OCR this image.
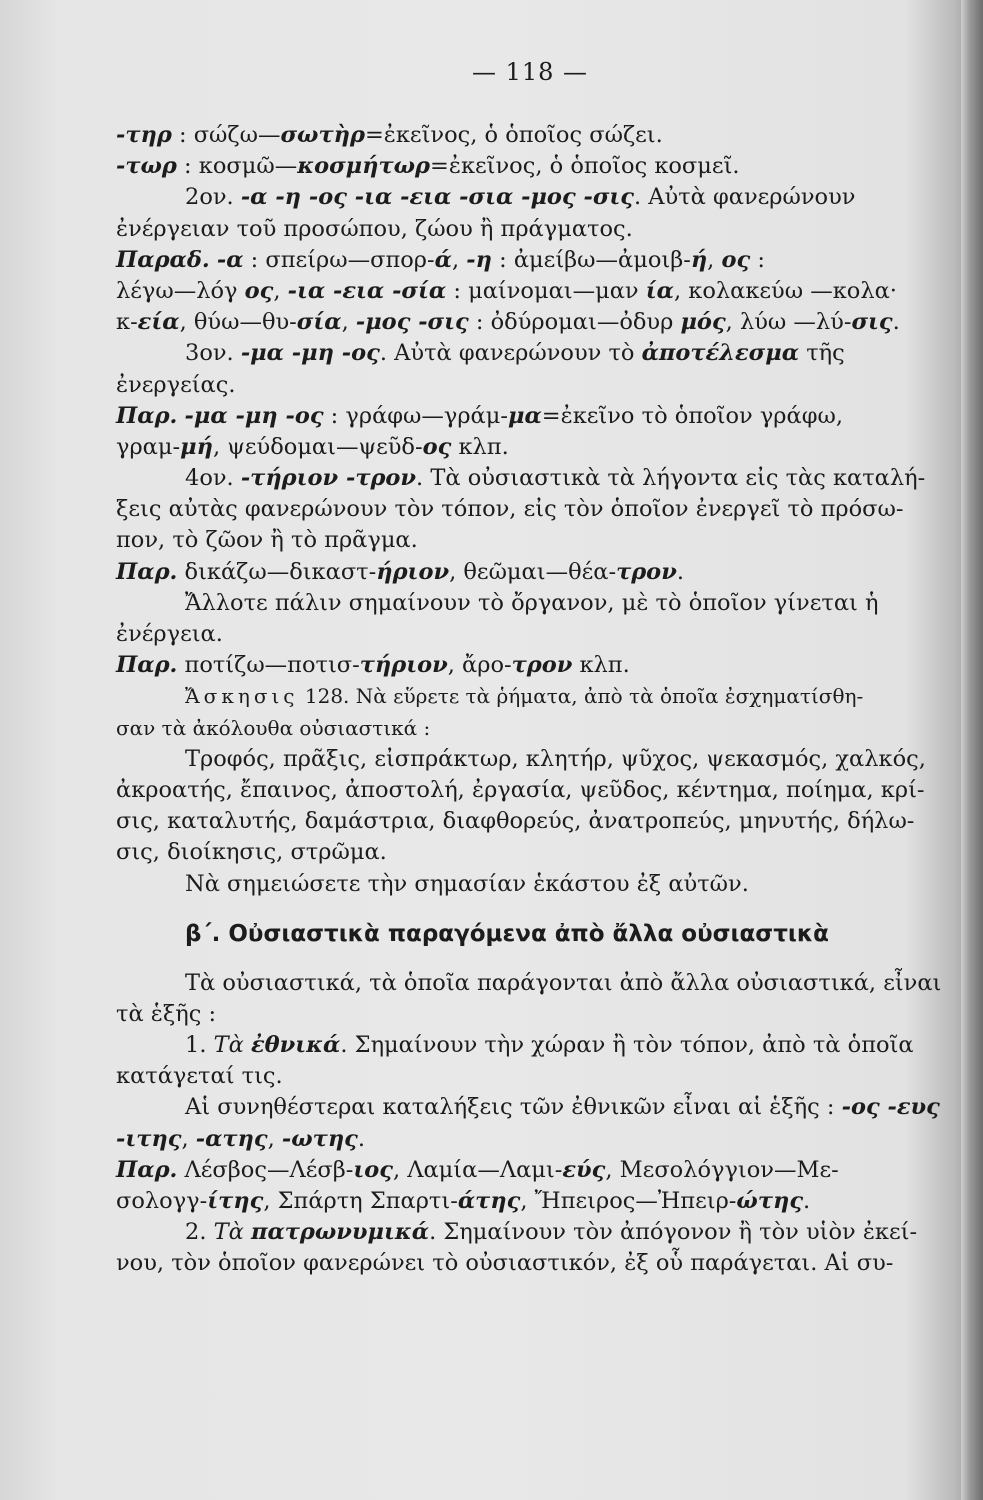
— 118 —
-τηρ : σώζω—σωτὴρ=ἐκεῖνος, ὁ ὁποῖος σώζει.
-τωρ : κοσμῶ—κοσμήτωρ=ἐκεῖνος, ὁ ὁποῖος κοσμεῖ.
2ον. -α -η -ος -ια -εια -σια -μος -σις. Αὐτὰ φανερώνουν
ἐνέργειαν τοῦ προσώπου, ζώου ἢ πράγματος.
Παραδ. -α : σπείρω—σπορ-ά, -η : ἀμείβω—ἀμοιβ-ή, ος :
λέγω—λόγ ος, -ια -εια -σία : μαίνομαι—μαν ία, κολακεύω —κολα·
κ-εία, θύω—θυ-σία, -μος -σις : ὀδύρομαι—ὀδυρ μός, λύω —λύ-σις.
3ον. -μα -μη -ος. Αὐτὰ φανερώνουν τὸ ἀποτέλεσμα τῆς
ἐνεργείας.
Παρ. -μα -μη -ος : γράφω—γράμ-μα=ἐκεῖνο τὸ ὁποῖον γράφω,
γραμ-μή, ψεύδομαι—ψεῦδ-ος κλπ.
4ον. -τήριον -τρον. Τὰ οὐσιαστικὰ τὰ λήγοντα εἰς τὰς καταλή-
ξεις αὐτὰς φανερώνουν τὸν τόπον, εἰς τὸν ὁποῖον ἐνεργεῖ τὸ πρόσω-
πον, τὸ ζῶον ἢ τὸ πρᾶγμα.
Παρ. δικάζω—δικαστ-ήριον, θεῶμαι—θέα-τρον.
Ἄλλοτε πάλιν σημαίνουν τὸ ὄργανον, μὲ τὸ ὁποῖον γίνεται ἡ
ἐνέργεια.
Παρ. ποτίζω—ποτισ-τήριον, ἄρο-τρον κλπ.
Ἄσκησις 128. Νὰ εὕρετε τὰ ῥήματα, ἀπὸ τὰ ὁποῖα ἐσχηματίσθη-
σαν τὰ ἀκόλουθα οὐσιαστικά :
Τροφός, πρᾶξις, εἰσπράκτωρ, κλητήρ, ψῦχος, ψεκασμός, χαλκός,
ἀκροατής, ἔπαινος, ἀποστολή, ἐργασία, ψεῦδος, κέντημα, ποίημα, κρί-
σις, καταλυτής, δαμάστρια, διαφθορεύς, ἀνατροπεύς, μηνυτής, δήλω-
σις, διοίκησις, στρῶμα.
Νὰ σημειώσετε τὴν σημασίαν ἑκάστου ἐξ αὐτῶν.
β΄. Οὐσιαστικὰ παραγόμενα ἀπὸ ἄλλα οὐσιαστικὰ
Τὰ οὐσιαστικά, τὰ ὁποῖα παράγονται ἀπὸ ἄλλα οὐσιαστικά, εἶναι
τὰ ἑξῆς :
1. Τὰ ἐθνικά. Σημαίνουν τὴν χώραν ἢ τὸν τόπον, ἀπὸ τὰ ὁποῖα
κατάγεταί τις.
Αἱ συνηθέστεραι καταλήξεις τῶν ἐθνικῶν εἶναι αἱ ἑξῆς : -ος -ευς
-ιτης, -ατης, -ωτης.
Παρ. Λέσβος—Λέσβ-ιος, Λαμία—Λαμι-εύς, Μεσολόγγιον—Με-
σολογγ-ίτης, Σπάρτη Σπαρτι-άτης, Ἤπειρος—Ἠπειρ-ώτης.
2. Τὰ πατρωνυμικά. Σημαίνουν τὸν ἀπόγονον ἢ τὸν υἱὸν ἐκεί-
νου, τὸν ὁποῖον φανερώνει τὸ οὐσιαστικόν, ἐξ οὗ παράγεται. Αἱ συ-
